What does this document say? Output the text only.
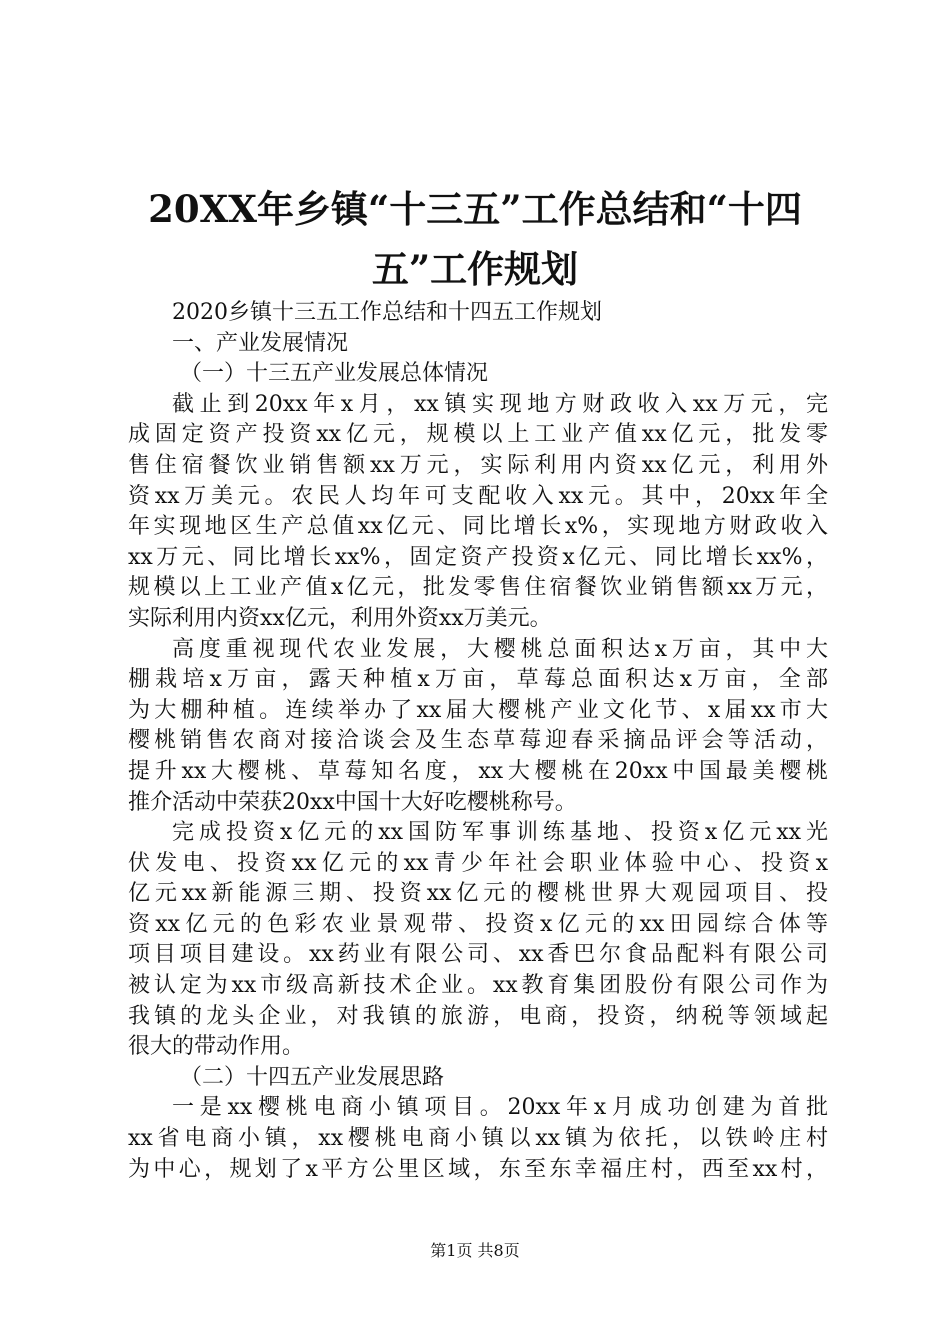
20XX年乡镇“十三五”工作总结和“十四
五”工作规划
2020乡镇十三五工作总结和十四五工作规划
一、产业发展情况
（一）十三五产业发展总体情况
截止到20xx年x月，xx镇实现地方财政收入xx万元，完
成固定资产投资xx亿元，规模以上工业产值xx亿元，批发零
售住宿餐饮业销售额xx万元，实际利用内资xx亿元，利用外
资xx万美元。农民人均年可支配收入xx元。其中，20xx年全
年实现地区生产总值xx亿元、同比增长x%，实现地方财政收入
xx万元、同比增长xx%，固定资产投资x亿元、同比增长xx%，
规模以上工业产值x亿元，批发零售住宿餐饮业销售额xx万元，
实际利用内资xx亿元，利用外资xx万美元。
高度重视现代农业发展，大樱桃总面积达x万亩，其中大
棚栽培x万亩，露天种植x万亩，草莓总面积达x万亩，全部
为大棚种植。连续举办了xx届大樱桃产业文化节、x届xx市大
樱桃销售农商对接洽谈会及生态草莓迎春采摘品评会等活动，
提升xx大樱桃、草莓知名度，xx大樱桃在20xx中国最美樱桃
推介活动中荣获20xx中国十大好吃樱桃称号。
完成投资x亿元的xx国防军事训练基地、投资x亿元xx光
伏发电、投资xx亿元的xx青少年社会职业体验中心、投资x
亿元xx新能源三期、投资xx亿元的樱桃世界大观园项目、投
资xx亿元的色彩农业景观带、投资x亿元的xx田园综合体等
项目项目建设。xx药业有限公司、xx香巴尔食品配料有限公司
被认定为xx市级高新技术企业。xx教育集团股份有限公司作为
我镇的龙头企业，对我镇的旅游，电商，投资，纳税等领域起
很大的带动作用。
（二）十四五产业发展思路
一是xx樱桃电商小镇项目。20xx年x月成功创建为首批
xx省电商小镇，xx樱桃电商小镇以xx镇为依托，以铁岭庄村
为中心，规划了x平方公里区域，东至东幸福庄村，西至xx村，
第1页 共8页
